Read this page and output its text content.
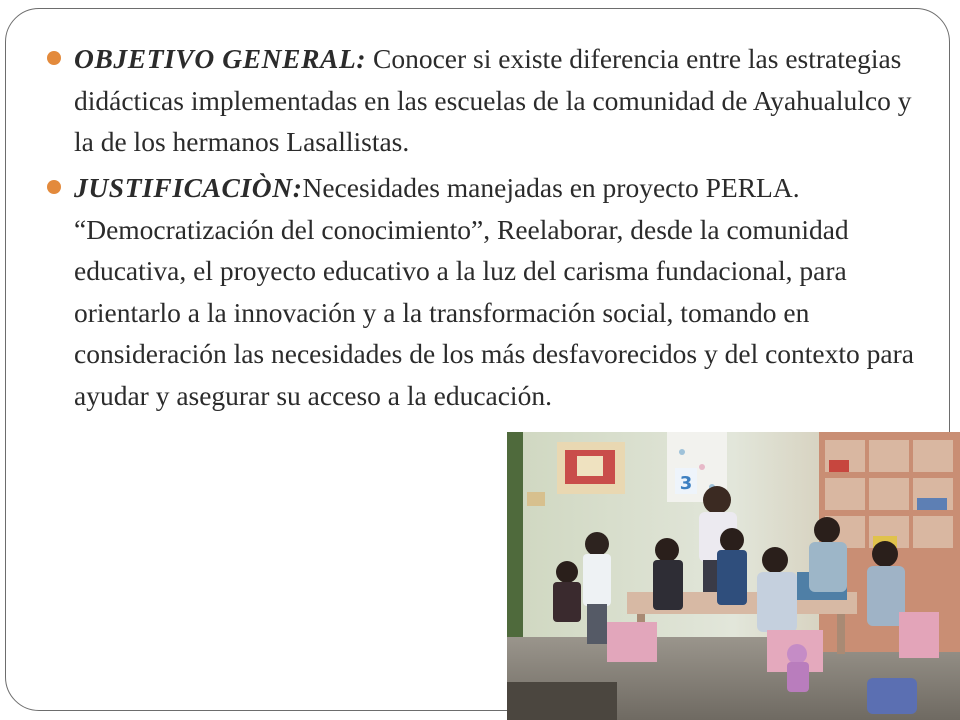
OBJETIVO GENERAL: Conocer si existe diferencia entre las estrategias didácticas implementadas en las escuelas de la comunidad de Ayahualulco y la de los hermanos Lasallistas.
JUSTIFICACIÒN:Necesidades manejadas en proyecto PERLA. “Democratización del conocimiento”, Reelaborar, desde la comunidad educativa, el proyecto educativo a la luz del carisma fundacional, para orientarlo a la innovación y a la transformación social, tomando en consideración las necesidades de los más desfavorecidos y del contexto para ayudar y asegurar su acceso a la educación.
3
